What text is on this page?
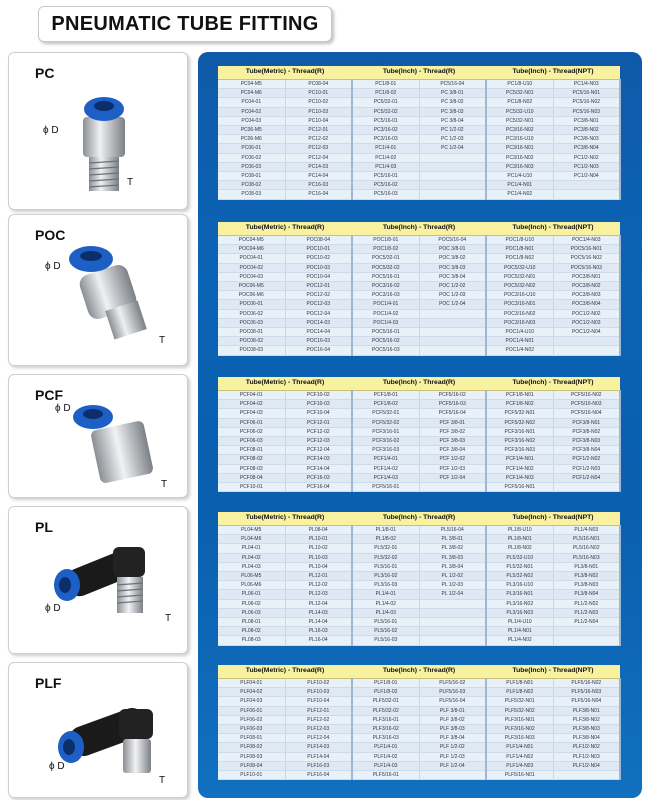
PNEUMATIC TUBE FITTING
PC
ϕ D
T
POC
ϕ D
T
PCF
ϕ D
T
PL
ϕ D
T
PLF
ϕ D
T
Tube(Metric) - Thread(R)		Tube(Inch) - Thread(R)		Tube(Inch) - Thread(NPT)	
PC04-M5	PC08-04	PC1/8-01	PC5/16-04	PC1/8-U10	PC1/4-N03
PC04-M6	PC10-01	PC1/8-02	PC 3/8-01	PC5/32-N01	PC5/16-N01
PC04-01	PC10-02	PC5/32-01	PC 3/8-02	PC1/8-N02	PC5/16-N02
PC04-02	PC10-03	PC5/32-02	PC 3/8-03	PC5/32-U10	PC5/16-N03
PC04-03	PC10-04	PC5/16-01	PC 3/8-04	PC5/32-N01	PC3/8-N01
PC06-M5	PC12-01	PC3/16-02	PC 1/2-02	PC3/16-N02	PC3/8-N02
PC06-M6	PC12-02	PC3/16-03	PC 1/2-03	PC3/16-U10	PC3/8-N03
PC06-01	PC12-03	PC1/4-01	PC 1/2-04	PC3/16-N01	PC3/8-N04
PC06-02	PC12-04	PC1/4-02		PC3/16-N02	PC1/2-N02
PC06-03	PC14-03	PC1/4-03		PC3/16-N03	PC1/2-N03
PC08-01	PC14-04	PC5/16-01		PC1/4-U10	PC1/2-N04
PC08-02	PC16-03	PC5/16-02		PC1/4-N01	
PC08-03	PC16-04	PC5/16-03		PC1/4-N02	
Tube(Metric) - Thread(R)		Tube(Inch) - Thread(R)		Tube(Inch) - Thread(NPT)	
POC04-M5	POC08-04	POC1/8-01	POC5/16-04	POC1/8-U10	POC1/4-N03
POC04-M6	POC10-01	POC1/8-02	POC 3/8-01	POC1/8-N01	POC5/16-N01
POC04-01	POC10-02	POC5/32-01	POC 3/8-02	POC1/8-N02	POC5/16-N02
POC04-02	POC10-03	POC5/32-02	POC 3/8-03	POC5/32-U10	POC5/16-N03
POC04-03	POC10-04	POC5/16-01	POC 3/8-04	POC5/32-N01	POC3/8-N01
POC06-M5	POC12-01	POC3/16-02	POC 1/2-02	POC5/32-N02	POC3/8-N02
POC06-M6	POC12-02	POC3/16-03	POC 1/2-03	POC3/16-U10	POC3/8-N03
POC06-01	POC12-03	POC1/4-01	POC 1/2-04	POC3/16-N01	POC3/8-N04
POC06-02	POC12-04	POC1/4-02		POC3/16-N02	POC1/2-N02
POC06-03	POC14-03	POC1/4-03		POC3/16-N03	POC1/2-N03
POC08-01	POC14-04	POC5/16-01		POC1/4-U10	POC1/2-N04
POC08-02	POC16-03	POC5/16-02		POC1/4-N01	
POC08-03	POC16-04	POC5/16-03		POC1/4-N02	
Tube(Metric) - Thread(R)		Tube(Inch) - Thread(R)		Tube(Inch) - Thread(NPT)	
PCF04-01	PCF10-02	PCF1/8-01	PCF5/16-02	PCF1/8-N01	PCF5/16-N02
PCF04-02	PCF10-03	PCF1/8-02	PCF5/16-03	PCF1/8-N02	PCF5/16-N03
PCF04-03	PCF10-04	PCF5/32-01	PCF5/16-04	PCF5/32-N01	PCF5/16-N04
PCF06-01	PCF12-01	PCF5/32-02	PCF 3/8-01	PCF5/32-N02	PCF3/8-N01
PCF06-02	PCF12-02	PCF3/16-01	PCF 3/8-02	PCF3/16-N01	PCF3/8-N02
PCF06-03	PCF12-03	PCF3/16-02	PCF 3/8-03	PCF3/16-N02	PCF3/8-N03
PCF08-01	PCF12-04	PCF3/16-03	PCF 3/8-04	PCF3/16-N03	PCF3/8-N04
PCF08-02	PCF14-03	PCF1/4-01	PCF 1/2-02	PCF1/4-N01	PCF1/2-N02
PCF08-03	PCF14-04	PCF1/4-02	PCF 1/2-03	PCF1/4-N02	PCF1/2-N03
PCF08-04	PCF16-03	PCF1/4-03	PCF 1/2-04	PCF1/4-N03	PCF1/2-N04
PCF10-01	PCF16-04	PCF5/16-01		PCF5/16-N01	
Tube(Metric) - Thread(R)		Tube(Inch) - Thread(R)		Tube(Inch) - Thread(NPT)	
PL04-M5	PL08-04	PL1/8-01	PL5/16-04	PL1/8-U10	PL1/4-N03
PL04-M6	PL10-01	PL1/8-02	PL 3/8-01	PL1/8-N01	PL5/16-N01
PL04-01	PL10-02	PL5/32-01	PL 3/8-02	PL1/8-N02	PL5/16-N02
PL04-02	PL10-03	PL5/32-02	PL 3/8-03	PL5/32-U10	PL5/16-N03
PL04-03	PL10-04	PL5/16-01	PL 3/8-04	PL5/32-N01	PL3/8-N01
PL06-M5	PL12-01	PL3/16-02	PL 1/2-02	PL5/32-N02	PL3/8-N02
PL06-M6	PL12-02	PL3/16-03	PL 1/2-03	PL3/16-U10	PL3/8-N03
PL06-01	PL12-03	PL1/4-01	PL 1/2-04	PL3/16-N01	PL3/8-N04
PL06-02	PL12-04	PL1/4-02		PL3/16-N02	PL1/2-N02
PL06-03	PL14-03	PL1/4-03		PL3/16-N03	PL1/2-N03
PL08-01	PL14-04	PL5/16-01		PL1/4-U10	PL1/2-N04
PL08-02	PL16-03	PL5/16-02		PL1/4-N01	
PL08-03	PL16-04	PL5/16-03		PL1/4-N02	
Tube(Metric) - Thread(R)		Tube(Inch) - Thread(R)		Tube(Inch) - Thread(NPT)	
PLF04-01	PLF10-02	PLF1/8-01	PLF5/16-02	PLF1/8-N01	PLF5/16-N02
PLF04-02	PLF10-03	PLF1/8-02	PLF5/16-03	PLF1/8-N02	PLF5/16-N03
PLF04-03	PLF10-04	PLF5/32-01	PLF5/16-04	PLF5/32-N01	PLF5/16-N04
PLF06-01	PLF12-01	PLF5/32-02	PLF 3/8-01	PLF5/32-N02	PLF3/8-N01
PLF06-02	PLF12-02	PLF3/16-01	PLF 3/8-02	PLF3/16-N01	PLF3/8-N02
PLF06-03	PLF12-03	PLF3/16-02	PLF 3/8-03	PLF3/16-N02	PLF3/8-N03
PLF08-01	PLF12-04	PLF3/16-03	PLF 3/8-04	PLF3/16-N03	PLF3/8-N04
PLF08-02	PLF14-03	PLF1/4-01	PLF 1/2-02	PLF1/4-N01	PLF1/2-N02
PLF08-03	PLF14-04	PLF1/4-02	PLF 1/2-03	PLF1/4-N02	PLF1/2-N03
PLF08-04	PLF16-03	PLF1/4-03	PLF 1/2-04	PLF1/4-N03	PLF1/2-N04
PLF10-01	PLF16-04	PLF5/16-01		PLF5/16-N01	
